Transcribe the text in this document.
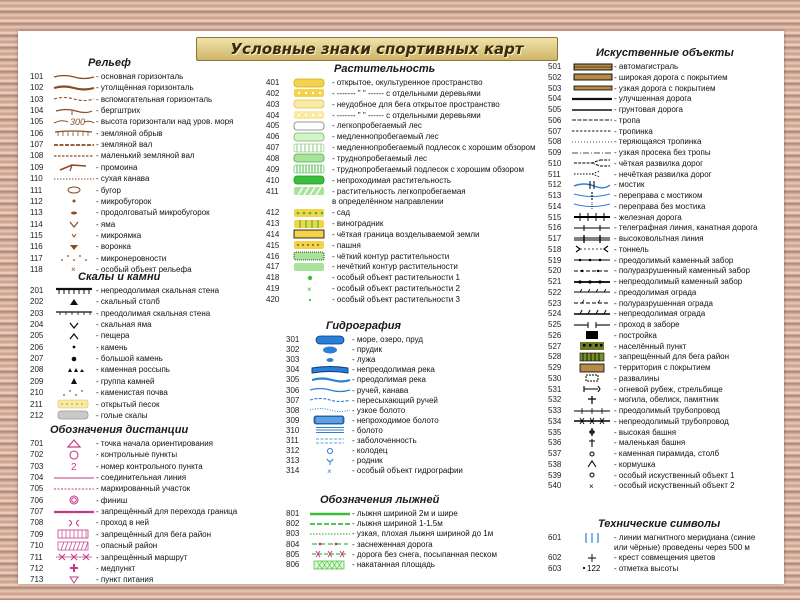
Условные знаки спортивных карт
Рельеф
101	- основная горизонталь
102	- утолщённая горизонталь
103	- вспомогательная горизонталь
104	- бергштрих
105	300 - высота горизонтали над уров. моря
106	- земляной обрыв
107	- земляной вал
108	- маленький земляной вал
109	- промоина
110	- сухая канава
111	- бугор
112	- микробугорок
113	- продолговатый микробугорок
114	- яма
115	- микроямка
116	- воронка
117	- микронеровности
118	×	- особый объект рельефа
Скалы и камни
201	- непреодолимая скальная стена
202	- скальный столб
203	- преодолимая скальная стена
204	- скальная яма
205	- пещера
206	- камень
207	- большой камень
208	- каменная россыпь
209	- группа камней
210	- каменистая почва
211	- открытый песок
212	- голые скалы
Обозначения дистанции
701	- точка начала ориентирования
702	- контрольные пункты
703	2 - номер контрольного пункта
704	- соединительная линия
705	- маркированный участок
706	- финиш
707	- запрещённый для перехода граница
708	- проход в ней
709	- запрещённый для бега район
710	- опасный район
711	- запрещённый маршрут
712	- медпункт
713	- пункт питания
Растительность
401	- открытое, окультуренное пространство
402	- ------- " " ------ с отдельными деревьями
403	- неудобное для бега открытое пространство
404	- ------- " " ------ с отдельными деревьями
405	- легкопробегаемый лес
406	- медленнопробегаемый лес
407	- медленнопробегаемый подлесок с хорошим обзором
408	- труднопробегаемый лес
409	- труднопробегаемый подлесок с хорошим обзором
410	- непроходимая растительность
411	- растительность легкопробегаемая
в определённом направлении
412	- сад
413	- виноградник
414	- чёткая граница возделываемой земли
415	- пашня
416	- чёткий контур растительности
417	- нечёткий контур растительности
418	- особый объект растительности 1
419	×	- особый объект растительности 2
420	- особый объект растительности 3
Гидрография
301	- море, озеро, пруд
302	- прудик
303	- лужа
304	- непреодолимая река
305	- преодолимая река
306	- ручей, канава
307	- пересыхающий ручей
308	- узкое болото
309	- непроходимое болото
310	- болото
311	- заболоченность
312	- колодец
313	- родник
314	×	- особый объект гидрографии
Обозначения лыжней
801	- лыжня шириной 2м и шире
802	- лыжня шириной 1-1.5м
803	- узкая, плохая лыжня шириной до 1м
804	- заснеженная дорога
805	- дорога без снега, посыпанная песком
806	- накатанная площадь
Искуственные объекты
501	- автомагистраль
502	- широкая дорога с покрытием
503	- узкая дорога с покрытием
504	- улучшенная дорога
505	- грунтовая дорога
506	- тропа
507	- тропинка
508	- теряющаяся тропинка
509	- узкая просека без тропы
510	- чёткая развилка дорог
511	- нечёткая развилка дорог
512	- мостик
513	- переправа с мостиком
514	- переправа без мостика
515	- железная дорога
516	- телеграфная линия, канатная дорога
517	- высоковольтная линия
518	- тоннель
519	- преодолимый каменный забор
520	- полуразрушенный каменный забор
521	- непреодолимый каменный забор
522	- преодолимая ограда
523	- полуразрушенная ограда
524	- непреодолимая ограда
525	- проход в заборе
526	- постройка
527	- населённый пункт
528	- запрещённый для бега район
529	- территория с покрытием
530	- развалины
531	- огневой рубеж, стрельбище
532	- могила, обелиск, памятник
533	- преодолимый трубопровод
534	- непреодолимый трубопровод
535	- высокая башня
536	- маленькая башня
537	- каменная пирамида, столб
538	- кормушка
539	- особый искуственный объект 1
540	×	- особый искуственный объект 2
Технические символы
601	- линии магнитного меридиана (синие
или чёрные) проведены через 500 м
602	- крест совмещения цветов
603	122 - отметка высоты
